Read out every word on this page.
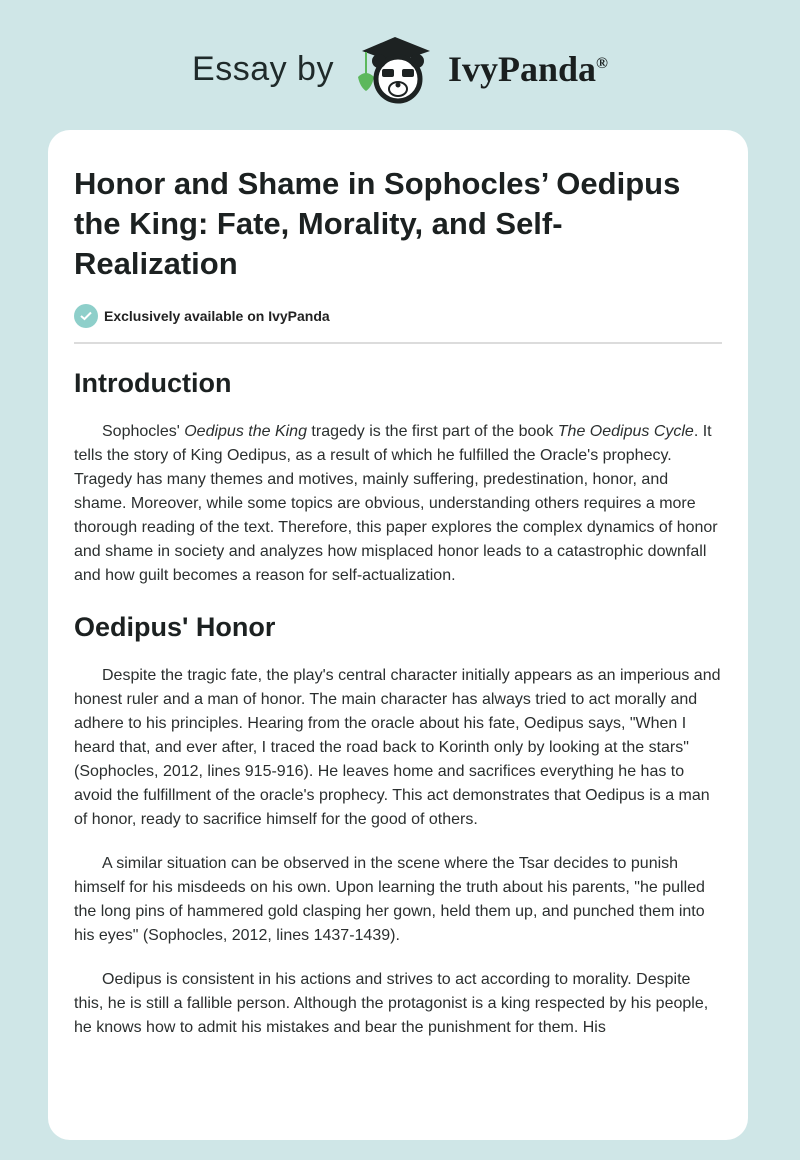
Essay by	IvyPanda®
Honor and Shame in Sophocles’ Oedipus the King: Fate, Morality, and Self-Realization
Exclusively available on IvyPanda
Introduction

Sophocles' Oedipus the King tragedy is the first part of the book The Oedipus Cycle. It tells the story of King Oedipus, as a result of which he fulfilled the Oracle's prophecy. Tragedy has many themes and motives, mainly suffering, predestination, honor, and shame. Moreover, while some topics are obvious, understanding others requires a more thorough reading of the text. Therefore, this paper explores the complex dynamics of honor and shame in society and analyzes how misplaced honor leads to a catastrophic downfall and how guilt becomes a reason for self-actualization.

Oedipus' Honor

Despite the tragic fate, the play's central character initially appears as an imperious and honest ruler and a man of honor. The main character has always tried to act morally and adhere to his principles. Hearing from the oracle about his fate, Oedipus says, "When I heard that, and ever after, I traced the road back to Korinth only by looking at the stars" (Sophocles, 2012, lines 915-916). He leaves home and sacrifices everything he has to avoid the fulfillment of the oracle's prophecy. This act demonstrates that Oedipus is a man of honor, ready to sacrifice himself for the good of others.

A similar situation can be observed in the scene where the Tsar decides to punish himself for his misdeeds on his own. Upon learning the truth about his parents, "he pulled the long pins of hammered gold clasping her gown, held them up, and punched them into his eyes" (Sophocles, 2012, lines 1437-1439).

Oedipus is consistent in his actions and strives to act according to morality. Despite this, he is still a fallible person. Although the protagonist is a king respected by his people, he knows how to admit his mistakes and bear the punishment for them. His
